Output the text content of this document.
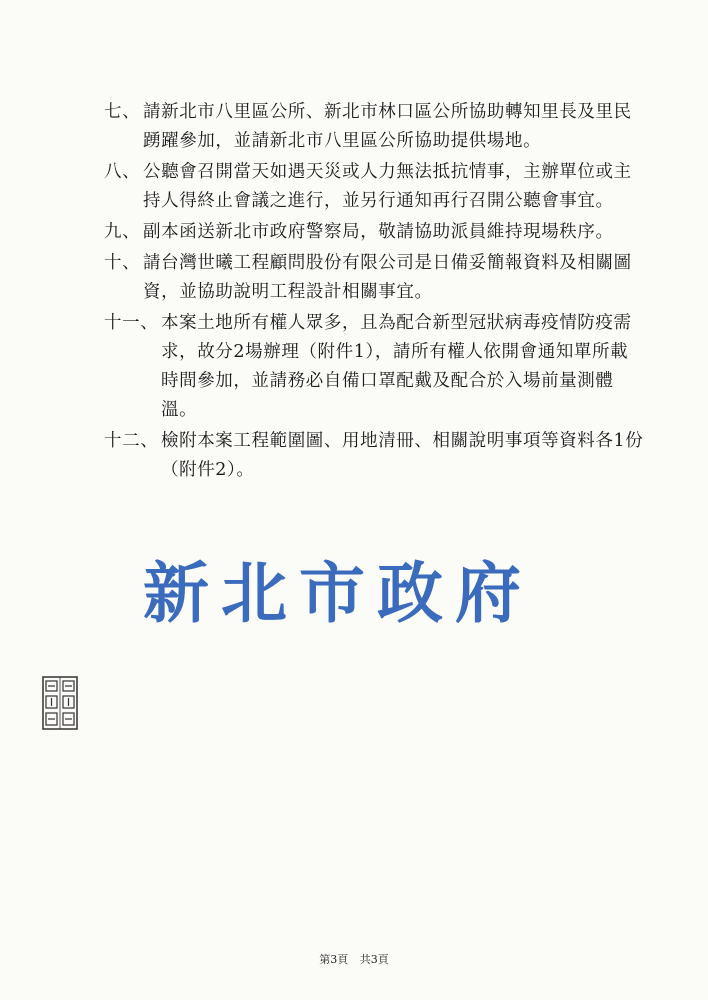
七、 請新北市八里區公所、新北市林口區公所協助轉知里長及里民踴躍參加，並請新北市八里區公所協助提供場地。
八、 公聽會召開當天如遇天災或人力無法抵抗情事，主辦單位或主持人得終止會議之進行，並另行通知再行召開公聽會事宜。
九、 副本函送新北市政府警察局，敬請協助派員維持現場秩序。
十、 請台灣世曦工程顧問股份有限公司是日備妥簡報資料及相關圖資，並協助說明工程設計相關事宜。
十一、 本案土地所有權人眾多，且為配合新型冠狀病毒疫情防疫需求，故分2場辦理（附件1），請所有權人依開會通知單所載時間參加，並請務必自備口罩配戴及配合於入場前量測體溫。
十二、 檢附本案工程範圍圖、用地清冊、相關說明事項等資料各1份（附件2）。
新北市政府
第3頁 共3頁
